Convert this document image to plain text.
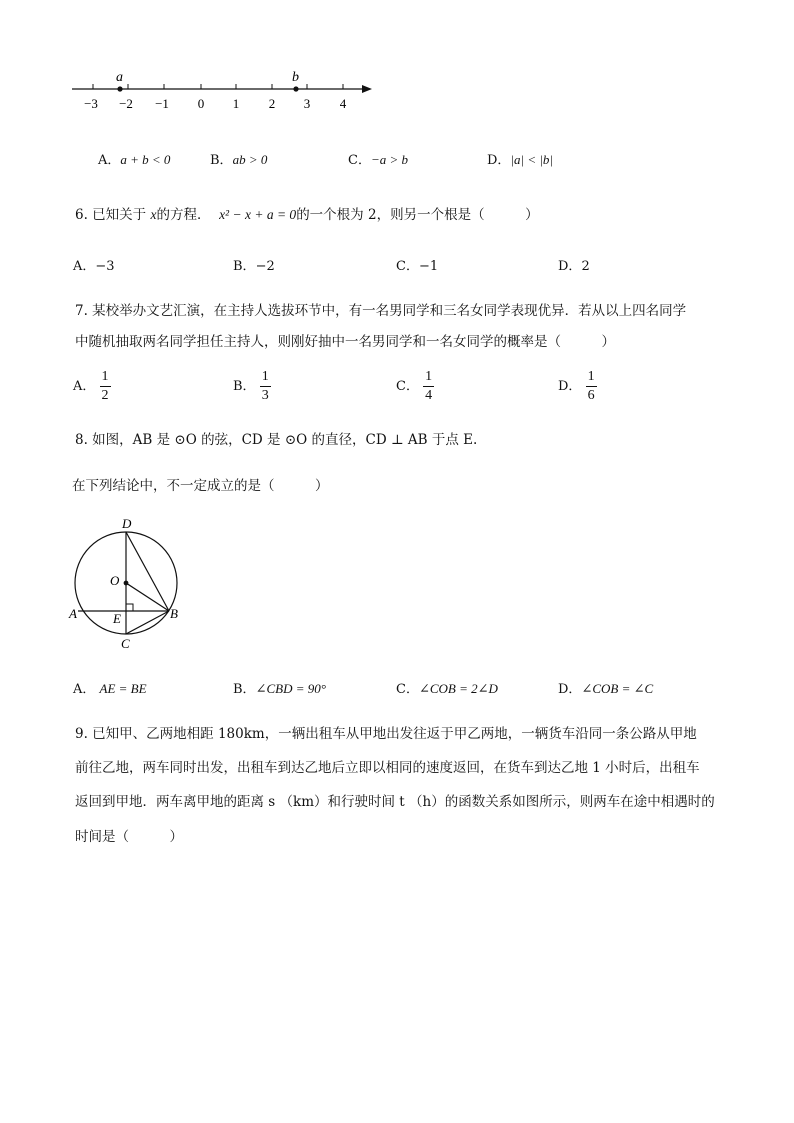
a	b
−3 −2 −1 0 1 2 3 4
A．a + b < 0	B．ab > 0	C．−a > b	D．|a| < |b|
6. 已知关于 x的方程． x² − x + a = 0的一个根为 2，则另一个根是（　　　）
A．−3	B．−2	C．−1	D．2
7. 某校举办文艺汇演，在主持人选拔环节中，有一名男同学和三名女同学表现优异．若从以上四名同学
中随机抽取两名同学担任主持人，则刚好抽中一名男同学和一名女同学的概率是（　　　）
A． $\frac{1}{2}$	B． $\frac{1}{3}$	C． $\frac{1}{4}$	D． $\frac{1}{6}$
8. 如图，AB 是 ⊙O 的弦，CD 是 ⊙O 的直径，CD ⊥ AB 于点 E.
在下列结论中，不一定成立的是（　　　）
D
O
A	E	B
C
A． AE = BE	B．∠CBD = 90°	C．∠COB = 2∠D	D．∠COB = ∠C
9. 已知甲、乙两地相距 180km，一辆出租车从甲地出发往返于甲乙两地，一辆货车沿同一条公路从甲地
前往乙地，两车同时出发，出租车到达乙地后立即以相同的速度返回，在货车到达乙地 1 小时后，出租车
返回到甲地．两车离甲地的距离 s （km）和行驶时间 t （h）的函数关系如图所示，则两车在途中相遇时的
时间是（　　　）
